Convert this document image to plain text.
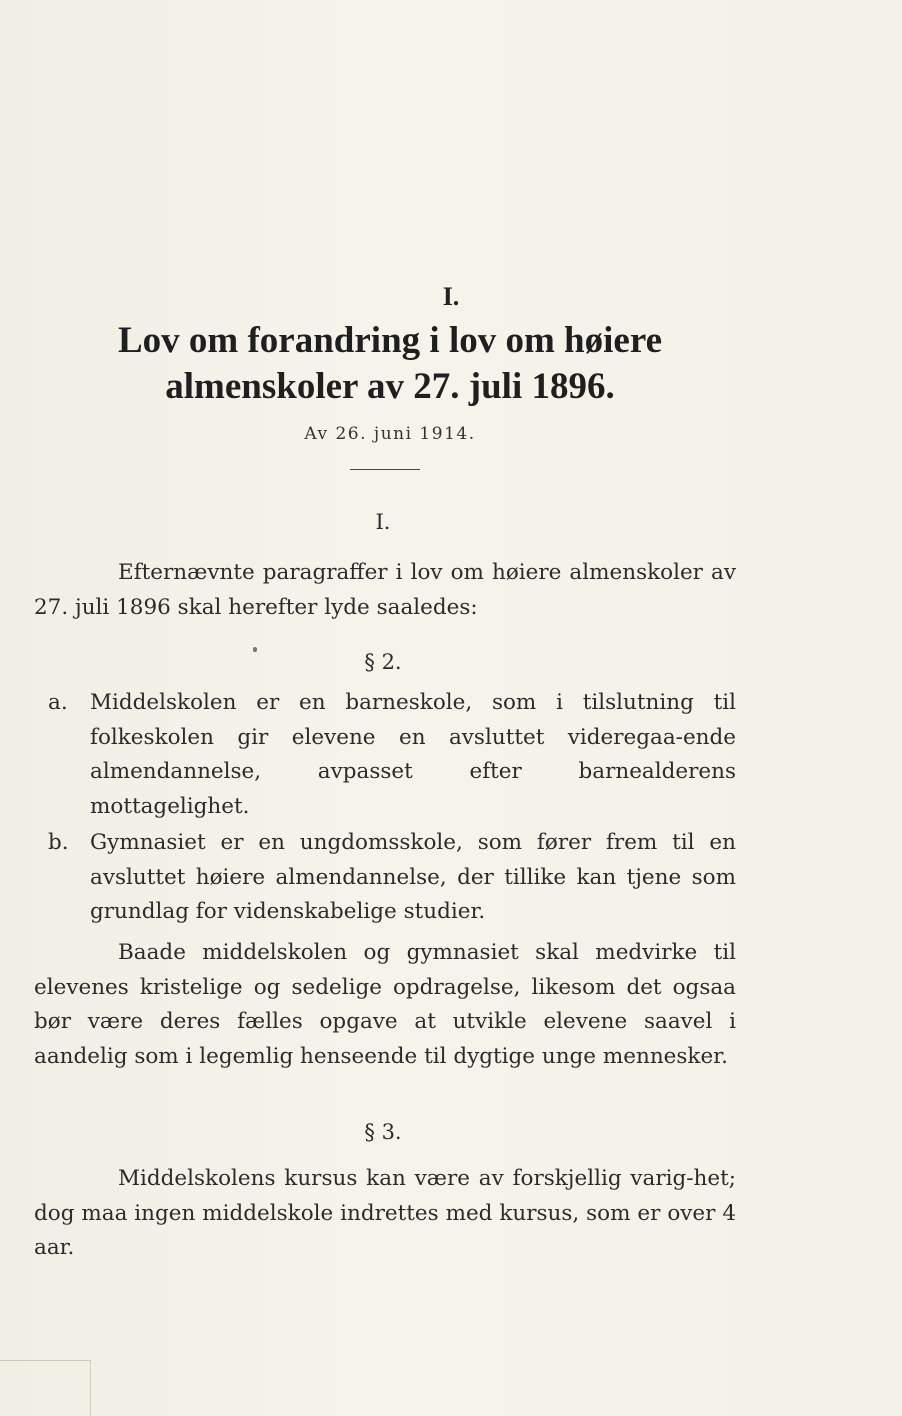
I.
Lov om forandring i lov om høiere
almenskoler av 27. juli 1896.
Av 26. juni 1914.
I.

Efternævnte paragraffer i lov om høiere almenskoler av 27. juli 1896 skal herefter lyde saaledes:

§ 2.
a. Middelskolen er en barneskole, som i tilslutning til folkeskolen gir elevene en avsluttet videregaa-ende almendannelse, avpasset efter barnealderens mottagelighet.
b. Gymnasiet er en ungdomsskole, som fører frem til en avsluttet høiere almendannelse, der tillike kan tjene som grundlag for videnskabelige studier.

Baade middelskolen og gymnasiet skal medvirke til elevenes kristelige og sedelige opdragelse, likesom det ogsaa bør være deres fælles opgave at utvikle elevene saavel i aandelig som i legemlig henseende til dygtige unge mennesker.

§ 3.

Middelskolens kursus kan være av forskjellig varig-het; dog maa ingen middelskole indrettes med kursus, som er over 4 aar.
